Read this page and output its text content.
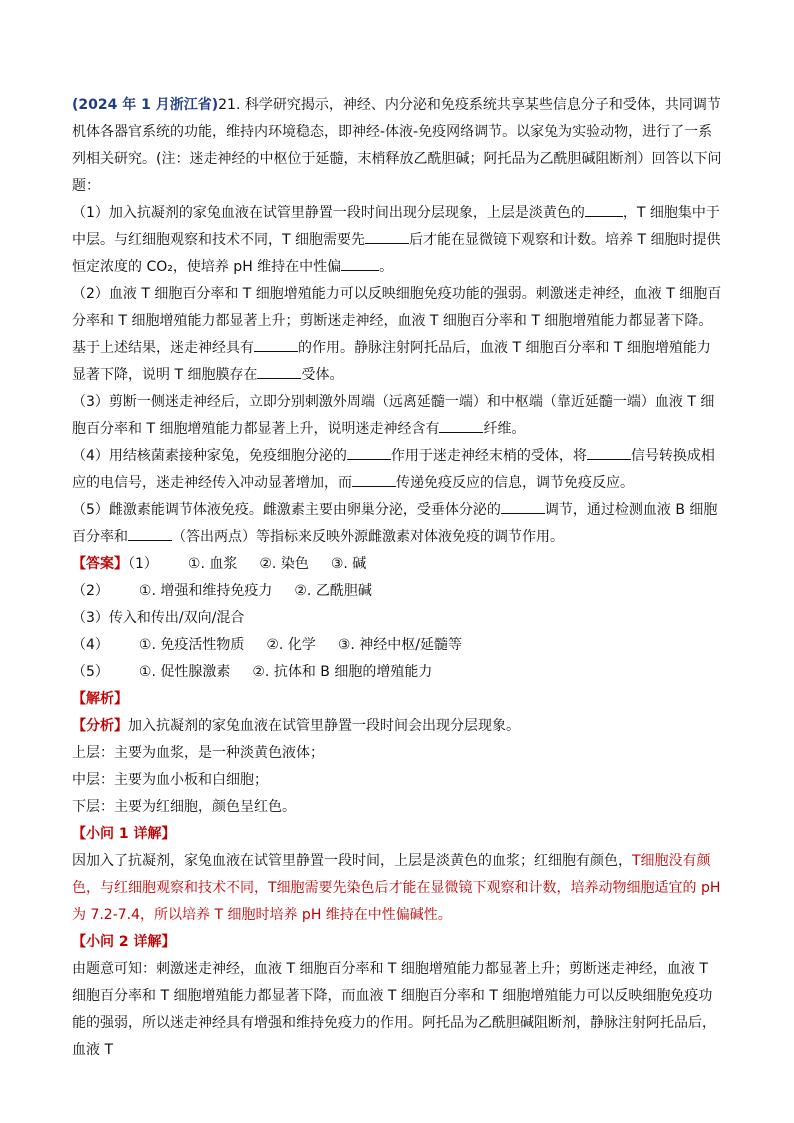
(2024 年 1 月浙江省)21. 科学研究揭示，神经、内分泌和免疫系统共享某些信息分子和受体，共同调节机体各器官系统的功能，维持内环境稳态，即神经-体液-免疫网络调节。以家兔为实验动物，进行了一系列相关研究。(注：迷走神经的中枢位于延髓，末梢释放乙酰胆碱；阿托品为乙酰胆碱阻断剂）回答以下问题：

（1）加入抗凝剂的家兔血液在试管里静置一段时间出现分层现象，上层是淡黄色的	，T 细胞集中于中层。与红细胞观察和技术不同，T 细胞需要先	后才能在显微镜下观察和计数。培养 T 细胞时提供恒定浓度的 CO₂，使培养 pH 维持在中性偏	。

（2）血液 T 细胞百分率和 T 细胞增殖能力可以反映细胞免疫功能的强弱。刺激迷走神经，血液 T 细胞百分率和 T 细胞增殖能力都显著上升；剪断迷走神经，血液 T 细胞百分率和 T 细胞增殖能力都显著下降。基于上述结果，迷走神经具有	的作用。静脉注射阿托品后，血液 T 细胞百分率和 T 细胞增殖能力显著下降，说明 T 细胞膜存在	受体。

（3）剪断一侧迷走神经后，立即分别刺激外周端（远离延髓一端）和中枢端（靠近延髓一端）血液 T 细胞百分率和 T 细胞增殖能力都显著上升，说明迷走神经含有	纤维。

（4）用结核菌素接种家兔，免疫细胞分泌的	作用于迷走神经末梢的受体，将	信号转换成相应的电信号，迷走神经传入冲动显著增加，而	传递免疫反应的信息，调节免疫反应。

（5）雌激素能调节体液免疫。雌激素主要由卵巢分泌，受垂体分泌的	调节，通过检测血液 B 细胞百分率和	（答出两点）等指标来反映外源雌激素对体液免疫的调节作用。

【答案】（1） ①. 血浆 ②. 染色 ③. 碱
（2） ①. 增强和维持免疫力 ②. 乙酰胆碱
（3）传入和传出/双向/混合
（4） ①. 免疫活性物质 ②. 化学 ③. 神经中枢/延髓等
（5） ①. 促性腺激素 ②. 抗体和 B 细胞的增殖能力
【解析】

【分析】加入抗凝剂的家兔血液在试管里静置一段时间会出现分层现象。

上层：主要为血浆，是一种淡黄色液体；
中层：主要为血小板和白细胞；
下层：主要为红细胞，颜色呈红色。
【小问 1 详解】

因加入了抗凝剂，家兔血液在试管里静置一段时间，上层是淡黄色的血浆；红细胞有颜色，T细胞没有颜色，与红细胞观察和技术不同，T细胞需要先染色后才能在显微镜下观察和计数，培养动物细胞适宜的 pH 为 7.2-7.4，所以培养 T 细胞时培养 pH 维持在中性偏碱性。

【小问 2 详解】

由题意可知：刺激迷走神经，血液 T 细胞百分率和 T 细胞增殖能力都显著上升；剪断迷走神经，血液 T 细胞百分率和 T 细胞增殖能力都显著下降，而血液 T 细胞百分率和 T 细胞增殖能力可以反映细胞免疫功能的强弱，所以迷走神经具有增强和维持免疫力的作用。阿托品为乙酰胆碱阻断剂，静脉注射阿托品后，血液 T
